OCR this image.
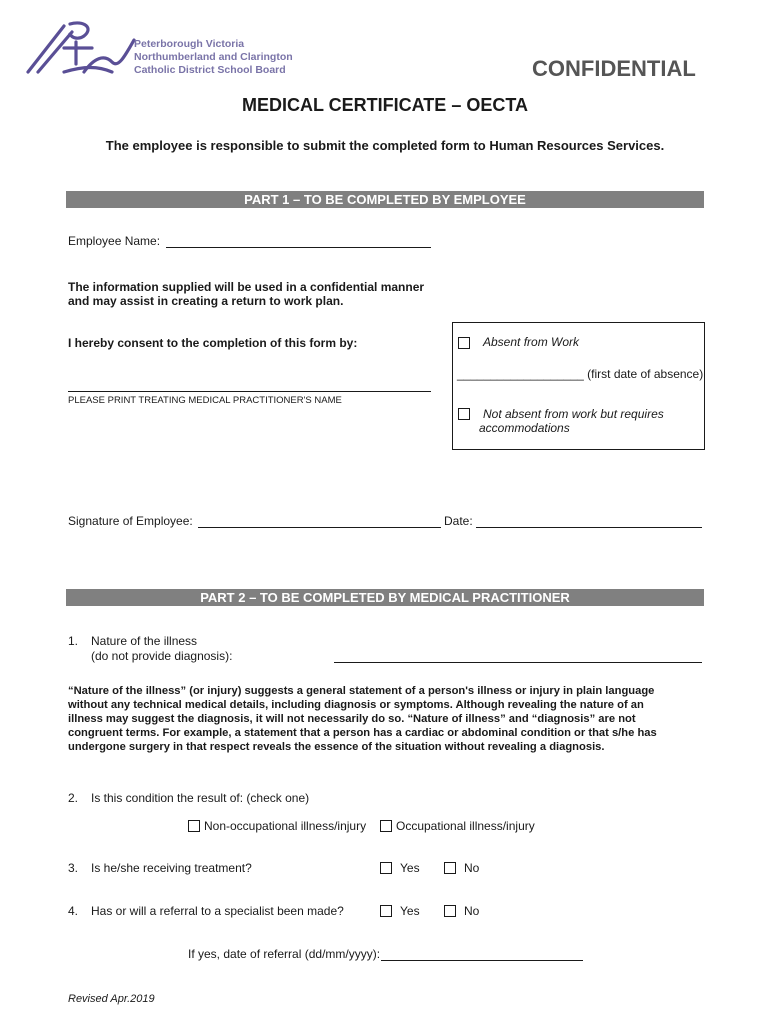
Peterborough Victoria
Northumberland and Clarington
Catholic District School Board	CONFIDENTIAL
MEDICAL CERTIFICATE – OECTA
The employee is responsible to submit the completed form to Human Resources Services.
PART 1 – TO BE COMPLETED BY EMPLOYEE
Employee Name:
The information supplied will be used in a confidential manner
and may assist in creating a return to work plan.
I hereby consent to the completion of this form by:
PLEASE PRINT TREATING MEDICAL PRACTITIONER'S NAME
Absent from Work
___________________ (first date of absence)
Not absent from work but requires
accommodations
Signature of Employee:	Date:
PART 2 – TO BE COMPLETED BY MEDICAL PRACTITIONER
1. Nature of the illness
(do not provide diagnosis):

“Nature of the illness” (or injury) suggests a general statement of a person's illness or injury in plain language

without any technical medical details, including diagnosis or symptoms. Although revealing the nature of an

illness may suggest the diagnosis, it will not necessarily do so. “Nature of illness” and “diagnosis” are not

congruent terms. For example, a statement that a person has a cardiac or abdominal condition or that s/he has

undergone surgery in that respect reveals the essence of the situation without revealing a diagnosis.

2. Is this condition the result of: (check one)
Non-occupational illness/injury Occupational illness/injury
3. Is he/she receiving treatment?	Yes	No
4. Has or will a referral to a specialist been made?	Yes	No
If yes, date of referral (dd/mm/yyyy):
Revised Apr.2019
